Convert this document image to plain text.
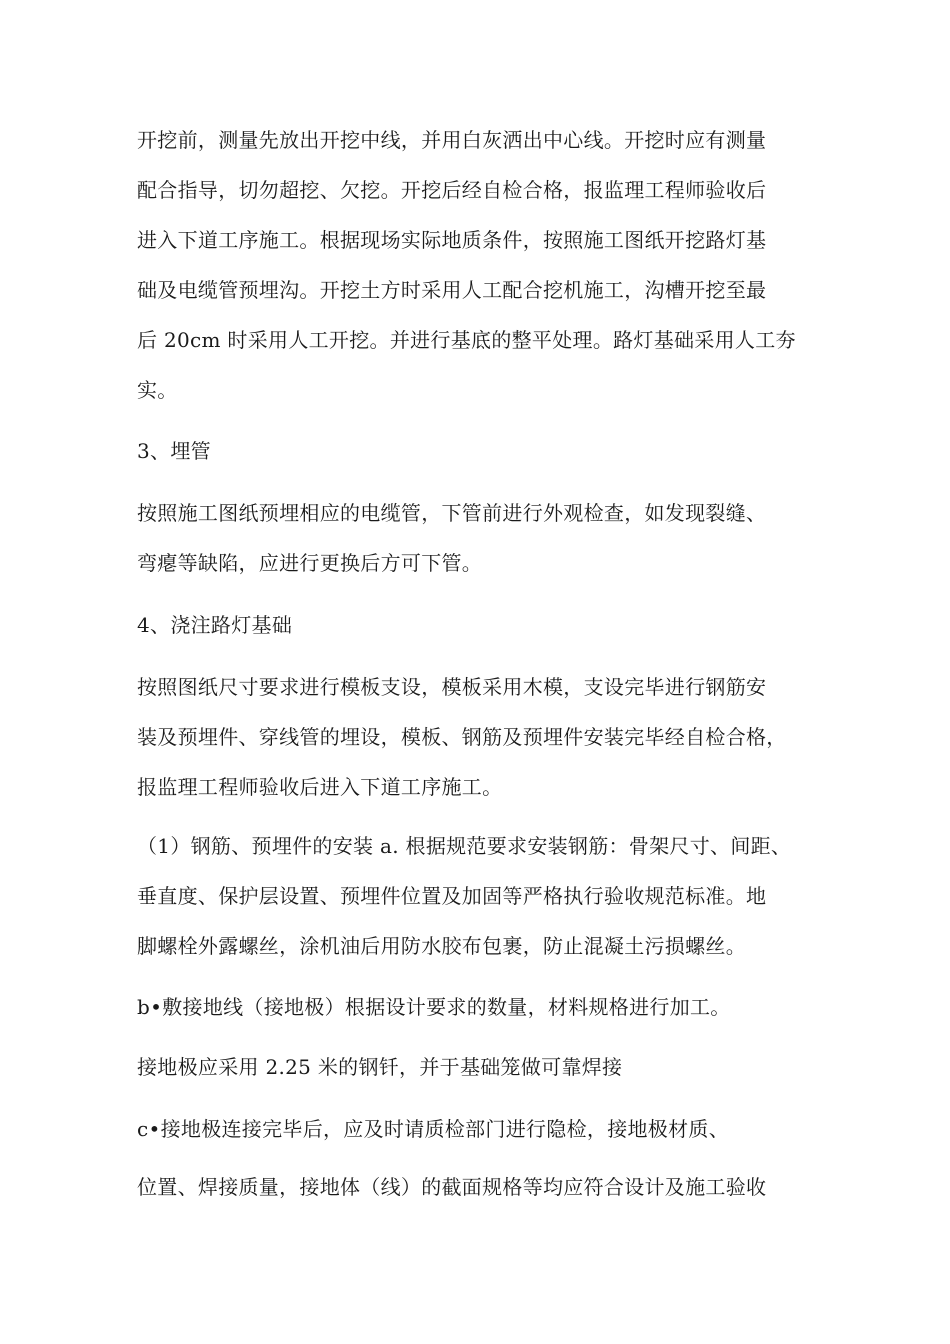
开挖前，测量先放出开挖中线，并用白灰洒出中心线。开挖时应有测量
配合指导，切勿超挖、欠挖。开挖后经自检合格，报监理工程师验收后
进入下道工序施工。根据现场实际地质条件，按照施工图纸开挖路灯基
础及电缆管预埋沟。开挖土方时采用人工配合挖机施工，沟槽开挖至最
后 20cm 时采用人工开挖。并进行基底的整平处理。路灯基础采用人工夯
实。
3、埋管
按照施工图纸预埋相应的电缆管，下管前进行外观检查，如发现裂缝、
弯瘪等缺陷，应进行更换后方可下管。
4、浇注路灯基础
按照图纸尺寸要求进行模板支设，模板采用木模，支设完毕进行钢筋安
装及预埋件、穿线管的埋设，模板、钢筋及预埋件安装完毕经自检合格，
报监理工程师验收后进入下道工序施工。
（1）钢筋、预埋件的安装 a. 根据规范要求安装钢筋：骨架尺寸、间距、
垂直度、保护层设置、预埋件位置及加固等严格执行验收规范标准。地
脚螺栓外露螺丝，涂机油后用防水胶布包裹，防止混凝土污损螺丝。
b•敷接地线（接地极）根据设计要求的数量，材料规格进行加工。
接地极应采用 2.25 米的钢钎，并于基础笼做可靠焊接
c•接地极连接完毕后，应及时请质检部门进行隐检，接地极材质、
位置、焊接质量，接地体（线）的截面规格等均应符合设计及施工验收
